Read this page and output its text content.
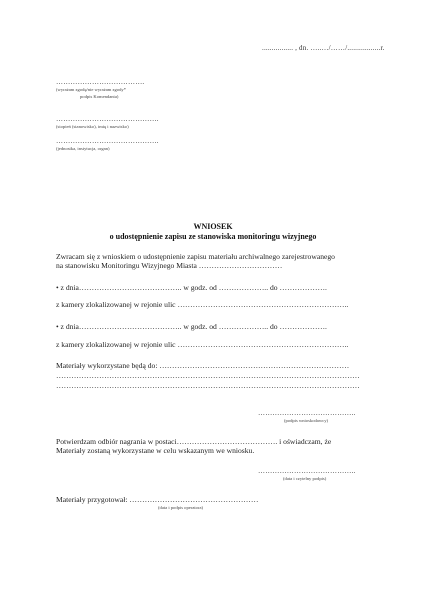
................ , dn. …..…/……/.................r.
……………………………….
(wyrażam zgodę/nie wyrażam zgody*
podpis Komendanta)
…………………………………….
(stopień (stanowisko), imię i nazwisko)
…………………………………….
(jednostka, instytucja, organ)
WNIOSEK
o udostępnienie zapisu ze stanowiska monitoringu wizyjnego
Zwracam się z wnioskiem o udostępnienie zapisu materiału archiwalnego zarejestrowanego
na stanowisku Monitoringu Wizyjnego Miasta ……………………………
• z dnia………………………………….. w godz. od ……………….. do ……………….
z kamery zlokalizowanej w rejonie ulic …………………………………………………………..
• z dnia………………………………….. w godz. od ……………….. do ……………….
z kamery zlokalizowanej w rejonie ulic …………………………………………………………..
Materiały wykorzystane będą do: …………………………………………………………………
…………………………………………………………………………………………………………
…………………………………………………………………………………………………………
…………………………………..
(podpis wnioskodawcy)
Potwierdzam odbiór nagrania w postaci…………………………………. i oświadczam, że
Materiały zostaną wykorzystane w celu wskazanym we wniosku.
…………………………………..
(data i czytelny podpis)
Materiały przygotował: ……………………………………………
(data i podpis operatora)
